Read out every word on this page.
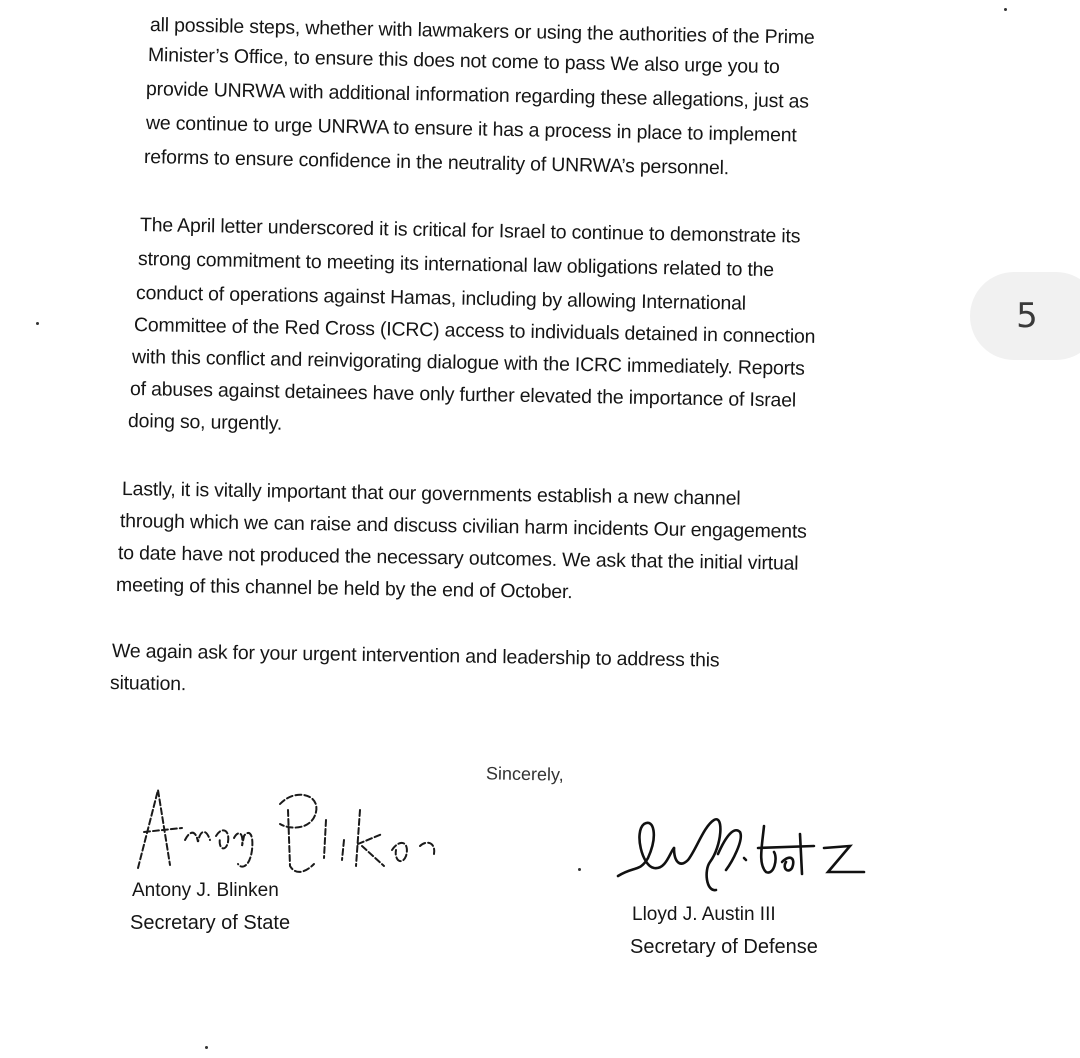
all possible steps, whether with lawmakers or using the authorities of the Prime
Minister’s Office, to ensure this does not come to pass We also urge you to
provide UNRWA with additional information regarding these allegations, just as
we continue to urge UNRWA to ensure it has a process in place to implement
reforms to ensure confidence in the neutrality of UNRWA’s personnel.
The April letter underscored it is critical for Israel to continue to demonstrate its
strong commitment to meeting its international law obligations related to the
conduct of operations against Hamas, including by allowing International
Committee of the Red Cross (ICRC) access to individuals detained in connection
with this conflict and reinvigorating dialogue with the ICRC immediately. Reports
of abuses against detainees have only further elevated the importance of Israel
doing so, urgently.
Lastly, it is vitally important that our governments establish a new channel
through which we can raise and discuss civilian harm incidents Our engagements
to date have not produced the necessary outcomes. We ask that the initial virtual
meeting of this channel be held by the end of October.
We again ask for your urgent intervention and leadership to address this
situation.
Sincerely,
Antony J. Blinken
Secretary of State	Lloyd J. Austin III
Secretary of Defense
5
